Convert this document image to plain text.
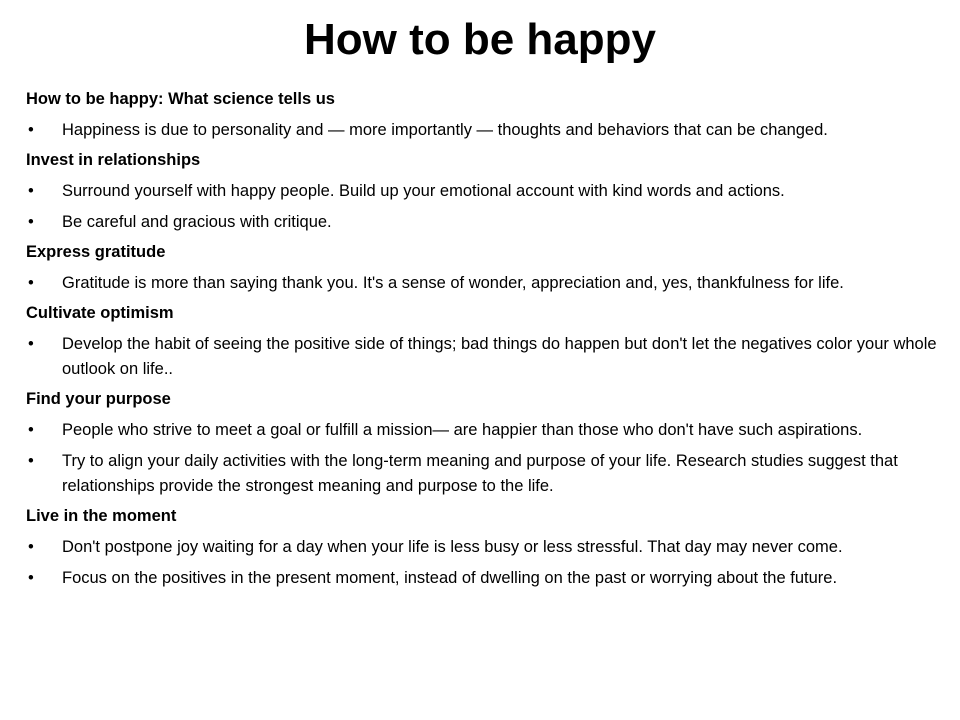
How to be happy

How to be happy: What science tells us

•	Happiness is due to personality and — more importantly — thoughts and behaviors that can be changed.

Invest in relationships

•	Surround yourself with happy people. Build up your emotional account with kind words and actions.
•	Be careful and gracious with critique.

Express gratitude

•	Gratitude is more than saying thank you. It's a sense of wonder, appreciation and, yes, thankfulness for life.

Cultivate optimism

•	Develop the habit of seeing the positive side of things; bad things do happen but don't let the negatives color your whole outlook on life..

Find your purpose

•	People who strive to meet a goal or fulfill a mission— are happier than those who don't have such aspirations.
•	Try to align your daily activities with the long-term meaning and purpose of your life. Research studies suggest that relationships provide the strongest meaning and purpose to the life.

Live in the moment

•	Don't postpone joy waiting for a day when your life is less busy or less stressful. That day may never come.
•	Focus on the positives in the present moment, instead of dwelling on the past or worrying about the future.
